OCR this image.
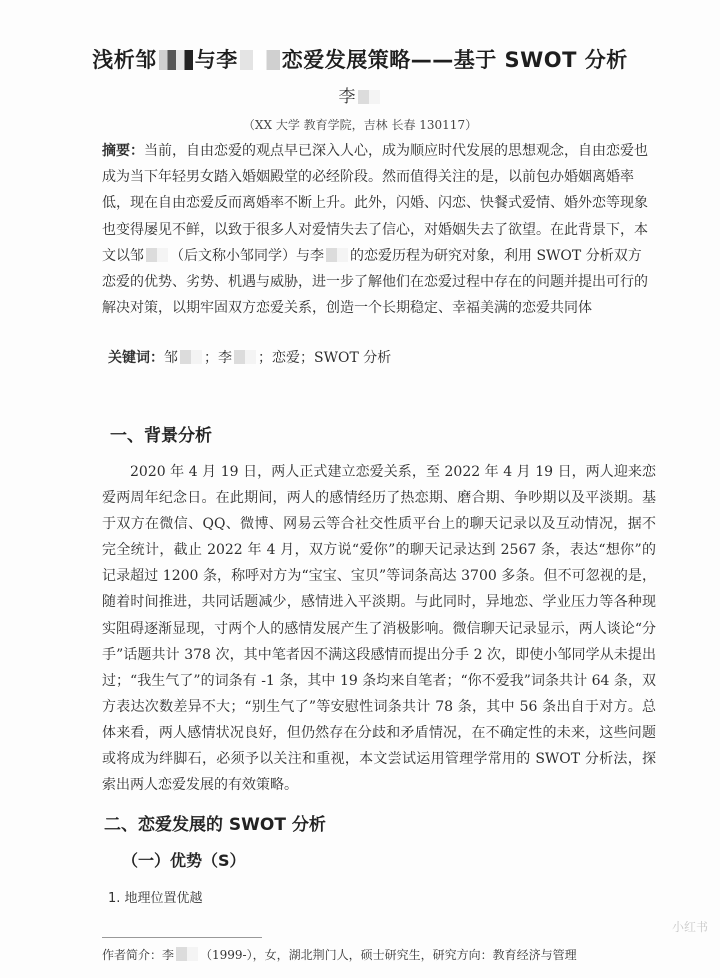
浅析邹 与李 恋爱发展策略——基于 SWOT 分析
李
（XX 大学 教育学院，吉林 长春 130117）
摘要：当前，自由恋爱的观点早已深入人心，成为顺应时代发展的思想观念，自由恋爱也成为当下年轻男女踏入婚姻殿堂的必经阶段。然而值得关注的是，以前包办婚姻离婚率低，现在自由恋爱反而离婚率不断上升。此外，闪婚、闪恋、快餐式爱情、婚外恋等现象也变得屡见不鲜，以致于很多人对爱情失去了信心，对婚姻失去了欲望。在此背景下，本文以邹 （后文称小邹同学）与李 的恋爱历程为研究对象，利用 SWOT 分析双方恋爱的优势、劣势、机遇与威胁，进一步了解他们在恋爱过程中存在的问题并提出可行的解决对策，以期牢固双方恋爱关系，创造一个长期稳定、幸福美满的恋爱共同体
关键词：邹 ；李 ；恋爱；SWOT 分析
一、背景分析
2020 年 4 月 19 日，两人正式建立恋爱关系，至 2022 年 4 月 19 日，两人迎来恋爱两周年纪念日。在此期间，两人的感情经历了热恋期、磨合期、争吵期以及平淡期。基于双方在微信、QQ、微博、网易云等合社交性质平台上的聊天记录以及互动情况，据不完全统计，截止 2022 年 4 月，双方说“爱你”的聊天记录达到 2567 条，表达“想你”的记录超过 1200 条，称呼对方为“宝宝、宝贝”等词条高达 3700 多条。但不可忽视的是，随着时间推进，共同话题减少，感情进入平淡期。与此同时，异地恋、学业压力等各种现实阻碍逐渐显现，寸两个人的感情发展产生了消极影响。微信聊天记录显示，两人谈论“分手”话题共计 378 次，其中笔者因不满这段感情而提出分手 2 次，即使小邹同学从未提出过；“我生气了”的词条有 ‐1 条，其中 19 条均来自笔者；“你不爱我”词条共计 64 条，双方表达次数差异不大；“别生气了”等安慰性词条共计 78 条，其中 56 条出自于对方。总体来看，两人感情状况良好，但仍然存在分歧和矛盾情况，在不确定性的未来，这些问题或将成为绊脚石，必须予以关注和重视，本文尝试运用管理学常用的 SWOT 分析法，探索出两人恋爱发展的有效策略。
二、恋爱发展的 SWOT 分析
（一）优势（S）
1. 地理位置优越
作者简介：李 （1999-），女，湖北荆门人，硕士研究生，研究方向：教育经济与管理
小红书
